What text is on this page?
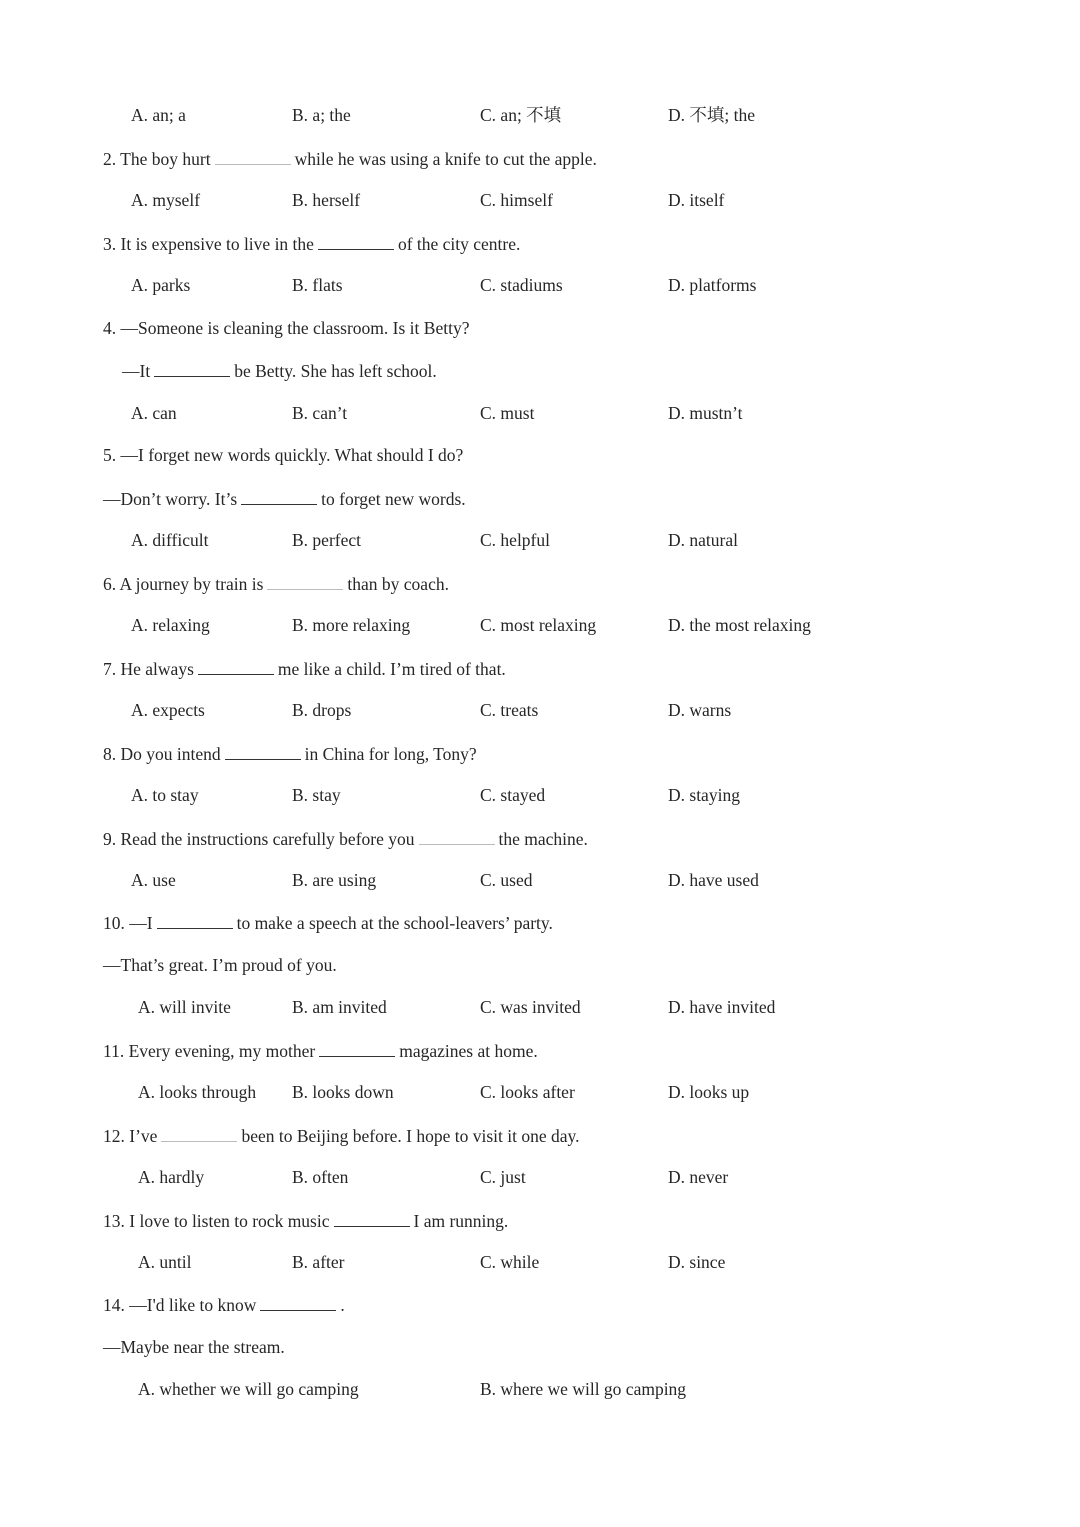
A. an; a	B. a; the	C. an; 不填	D. 不填; the
2. The boy hurt	while he was using a knife to cut the apple.
A. myself	B. herself	C. himself	D. itself
3. It is expensive to live in the	of the city centre.
A. parks	B. flats	C. stadiums	D. platforms
4. —Someone is cleaning the classroom. Is it Betty?
—It	be Betty. She has left school.
A. can	B. can’t	C. must	D. mustn’t
5. —I forget new words quickly. What should I do?
—Don’t worry. It’s	to forget new words.
A. difficult	B. perfect	C. helpful	D. natural
6. A journey by train is	than by coach.
A. relaxing	B. more relaxing	C. most relaxing	D. the most relaxing
7. He always	me like a child. I’m tired of that.
A. expects	B. drops	C. treats	D. warns
8. Do you intend	in China for long, Tony?
A. to stay	B. stay	C. stayed	D. staying
9. Read the instructions carefully before you	the machine.
A. use	B. are using	C. used	D. have used
10. —I	to make a speech at the school-leavers’ party.
—That’s great. I’m proud of you.
A. will invite	B. am invited	C. was invited	D. have invited
11. Every evening, my mother	magazines at home.
A. looks through B. looks down	C. looks after	D. looks up
12. I’ve	been to Beijing before. I hope to visit it one day.
A. hardly	B. often	C. just	D. never
13. I love to listen to rock music	I am running.
A. until	B. after	C. while	D. since
14. —I'd like to know	.
—Maybe near the stream.
A. whether we will go camping	B. where we will go camping
